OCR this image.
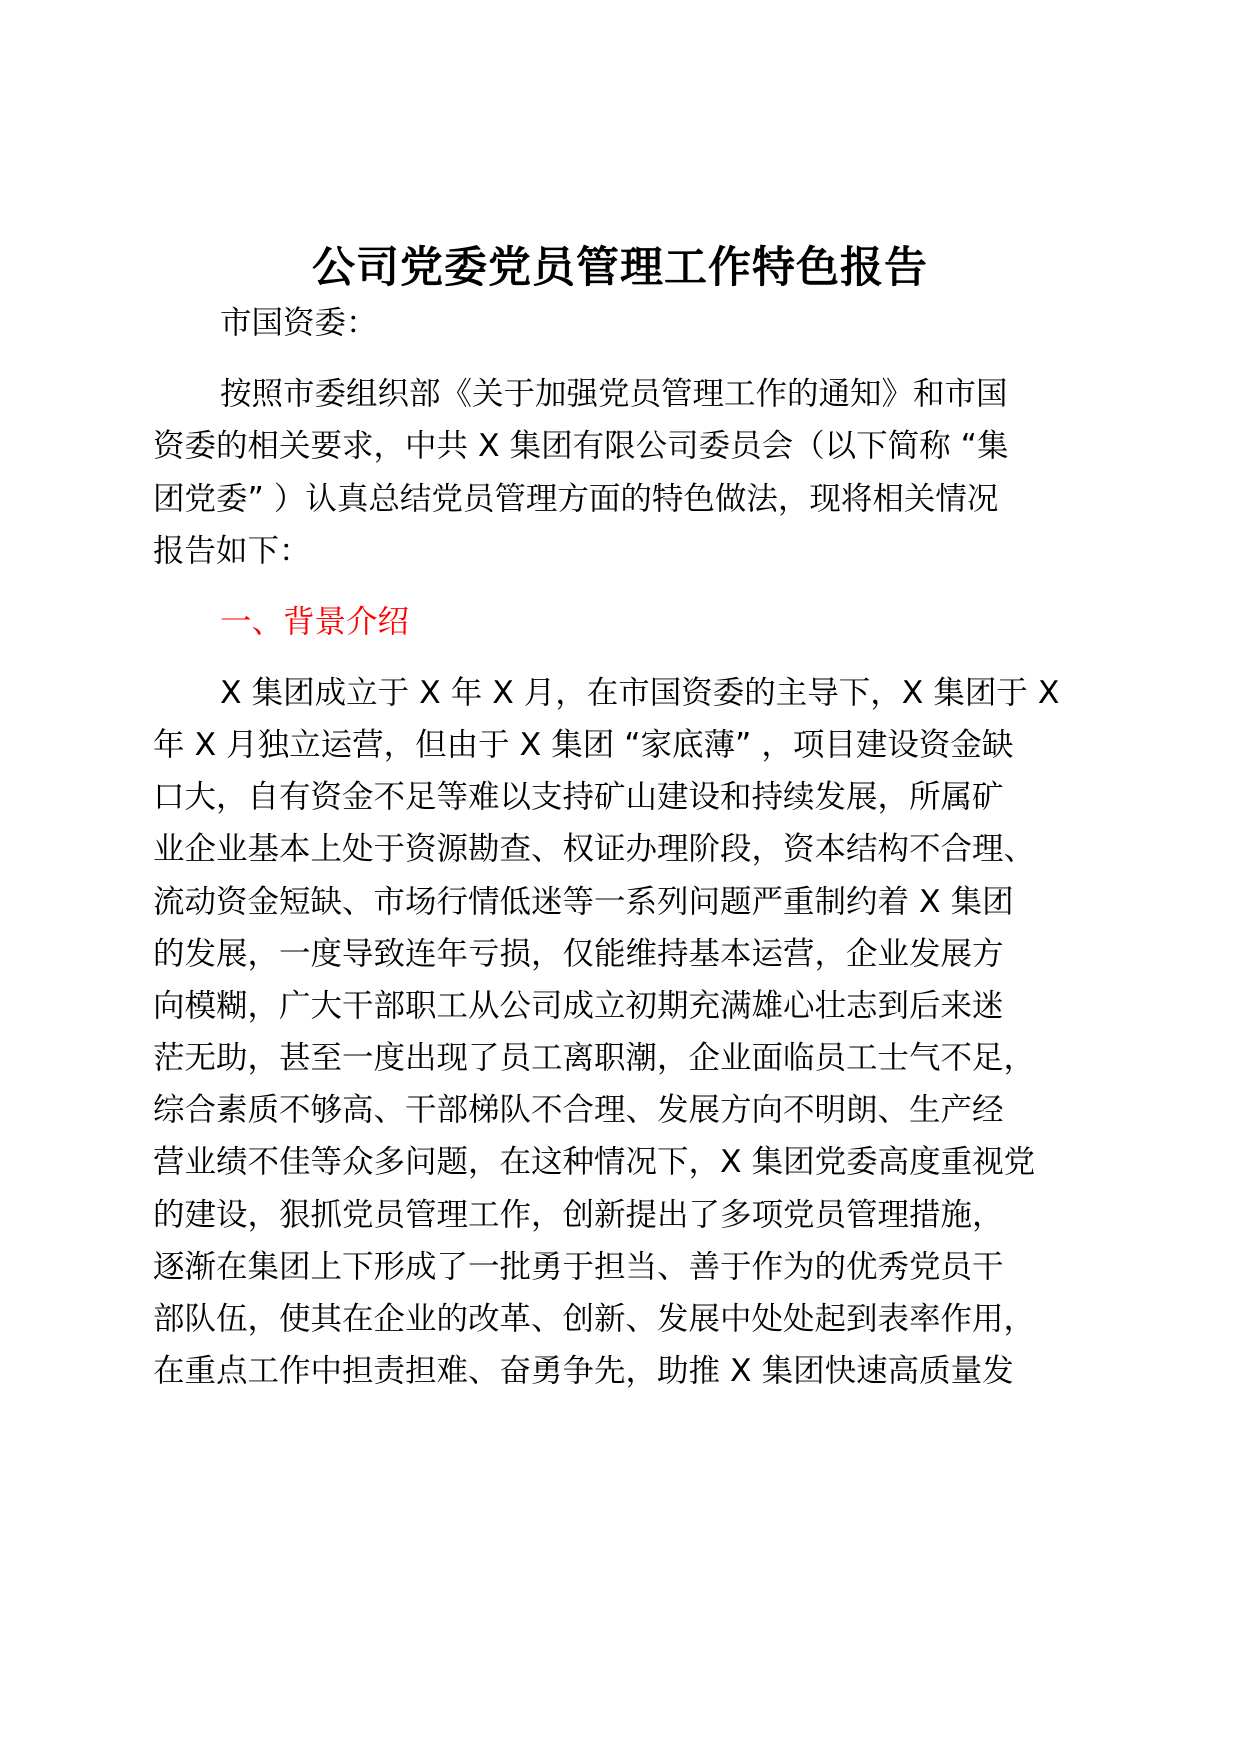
公司党委党员管理工作特色报告
市国资委：
按照市委组织部《关于加强党员管理工作的通知》和市国
资委的相关要求，中共 X 集团有限公司委员会（以下简称 “集
团党委” ）认真总结党员管理方面的特色做法，现将相关情况
报告如下：
一、背景介绍
X 集团成立于 X 年 X 月，在市国资委的主导下，X 集团于 X
年 X 月独立运营，但由于 X 集团 “家底薄” ，项目建设资金缺
口大，自有资金不足等难以支持矿山建设和持续发展，所属矿
业企业基本上处于资源勘查、权证办理阶段，资本结构不合理、
流动资金短缺、市场行情低迷等一系列问题严重制约着 X 集团
的发展，一度导致连年亏损，仅能维持基本运营，企业发展方
向模糊，广大干部职工从公司成立初期充满雄心壮志到后来迷
茫无助，甚至一度出现了员工离职潮，企业面临员工士气不足，
综合素质不够高、干部梯队不合理、发展方向不明朗、生产经
营业绩不佳等众多问题，在这种情况下，X 集团党委高度重视党
的建设，狠抓党员管理工作，创新提出了多项党员管理措施，
逐渐在集团上下形成了一批勇于担当、善于作为的优秀党员干
部队伍，使其在企业的改革、创新、发展中处处起到表率作用，
在重点工作中担责担难、奋勇争先，助推 X 集团快速高质量发
